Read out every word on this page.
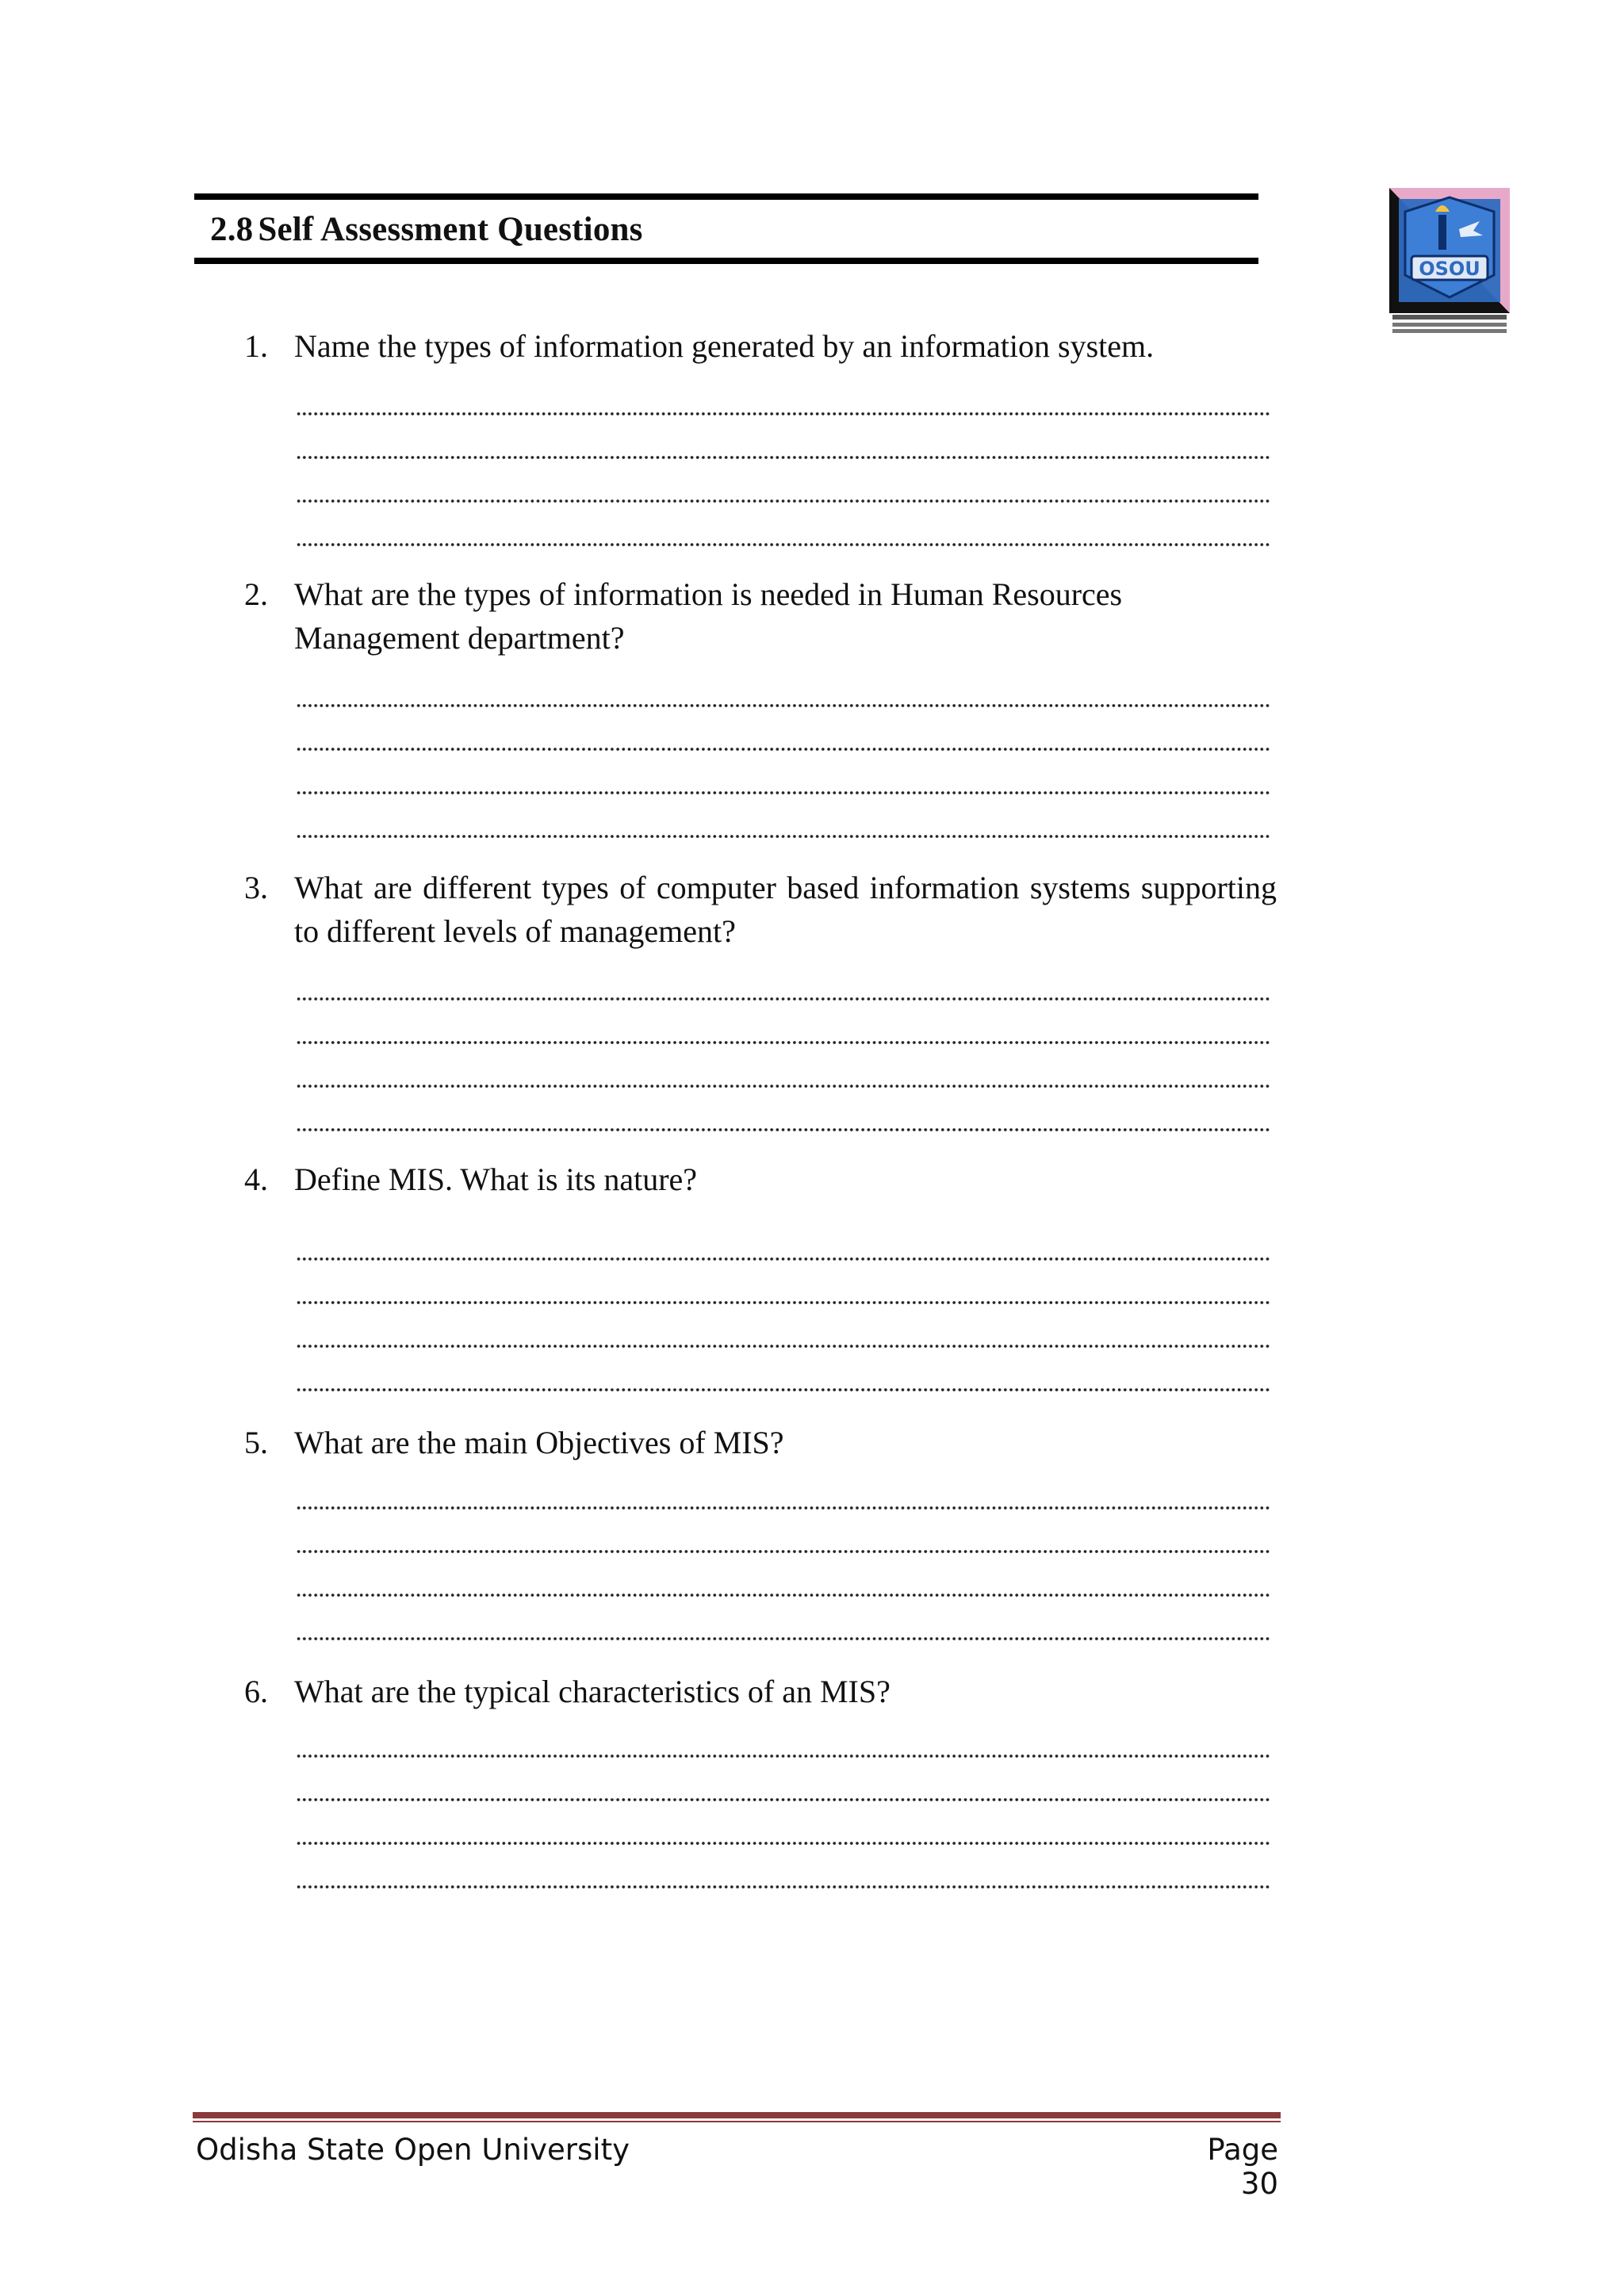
2.8 Self Assessment Questions
OSOU
1. Name the types of information generated by an information system.
2. What are the types of information is needed in Human Resources Management department?
3. What are different types of computer based information systems supporting to different levels of management?
4. Define MIS. What is its nature?
5. What are the main Objectives of MIS?
6. What are the typical characteristics of an MIS?
Odisha State Open University	Page 30
